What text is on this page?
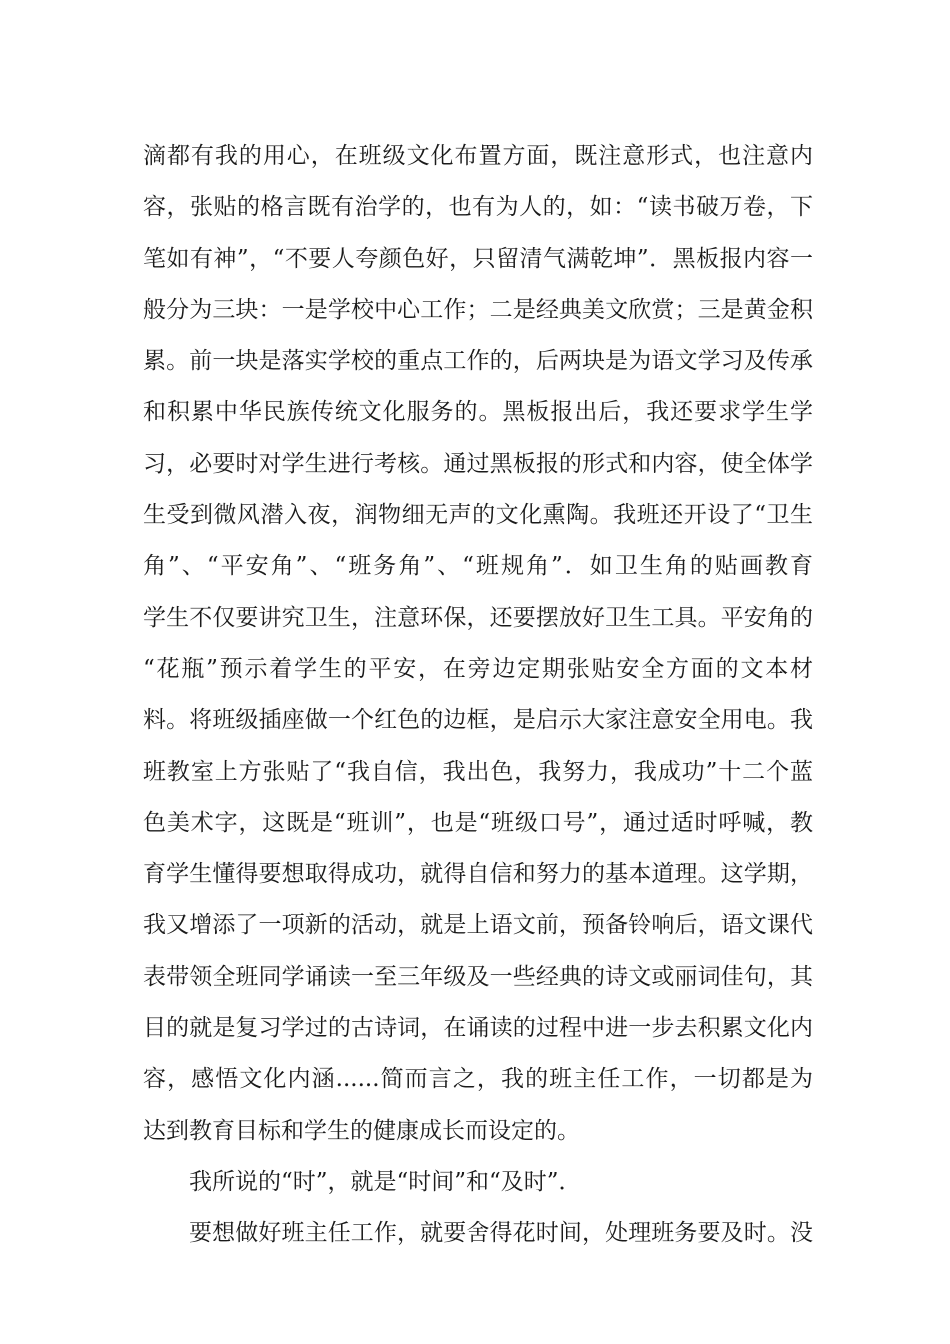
滴都有我的用心，在班级文化布置方面，既注意形式，也注意内
容，张贴的格言既有治学的，也有为人的，如：“读书破万卷，下
笔如有神”，“不要人夸颜色好，只留清气满乾坤”．黑板报内容一
般分为三块：一是学校中心工作；二是经典美文欣赏；三是黄金积
累。前一块是落实学校的重点工作的，后两块是为语文学习及传承
和积累中华民族传统文化服务的。黑板报出后，我还要求学生学
习，必要时对学生进行考核。通过黑板报的形式和内容，使全体学
生受到微风潜入夜，润物细无声的文化熏陶。我班还开设了“卫生
角”、“平安角”、“班务角”、“班规角”．如卫生角的贴画教育
学生不仅要讲究卫生，注意环保，还要摆放好卫生工具。平安角的
“花瓶”预示着学生的平安，在旁边定期张贴安全方面的文本材
料。将班级插座做一个红色的边框，是启示大家注意安全用电。我
班教室上方张贴了“我自信，我出色，我努力，我成功”十二个蓝
色美术字，这既是“班训”，也是“班级口号”，通过适时呼喊，教
育学生懂得要想取得成功，就得自信和努力的基本道理。这学期，
我又增添了一项新的活动，就是上语文前，预备铃响后，语文课代
表带领全班同学诵读一至三年级及一些经典的诗文或丽词佳句，其
目的就是复习学过的古诗词，在诵读的过程中进一步去积累文化内
容，感悟文化内涵......简而言之，我的班主任工作，一切都是为
达到教育目标和学生的健康成长而设定的。
我所说的“时”，就是“时间”和“及时”．
要想做好班主任工作，就要舍得花时间，处理班务要及时。没
